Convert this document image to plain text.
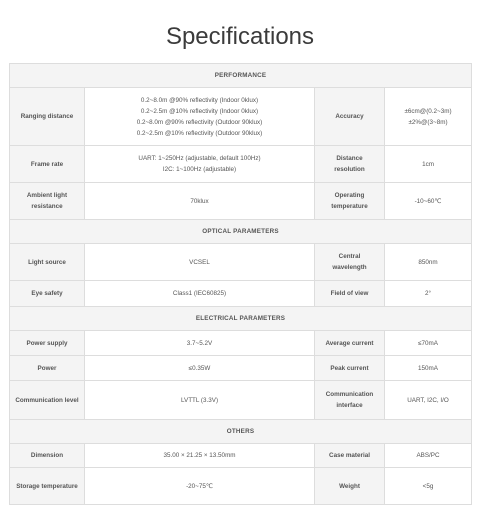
Specifications
PERFORMANCE			
Ranging distance	0.2~8.0m @90% reflectivity (Indoor 0klux)
0.2~2.5m @10% reflectivity (Indoor 0klux)
0.2~8.0m @90% reflectivity (Outdoor 90klux)
0.2~2.5m @10% reflectivity (Outdoor 90klux)	Accuracy	±6cm@(0.2~3m)
±2%@(3~8m)

Frame rate	UART: 1~250Hz (adjustable, default 100Hz)
I2C: 1~100Hz (adjustable)	Distance
resolution	1cm

Ambient light resistance	70klux	Operating
temperature	-10~60℃

OPTICAL PARAMETERS			
Light source	VCSEL	Central
wavelength	850nm

Eye safety	Class1 (IEC60825)	Field of view	2°

ELECTRICAL PARAMETERS			
Power supply	3.7~5.2V	Average current	≤70mA

Power	≤0.35W	Peak current	150mA

Communication level	LVTTL (3.3V)	Communication
interface	UART, I2C, I/O

OTHERS			
Dimension	35.00 × 21.25 × 13.50mm	Case material	ABS/PC

Storage temperature	-20~75℃	Weight	<5g
